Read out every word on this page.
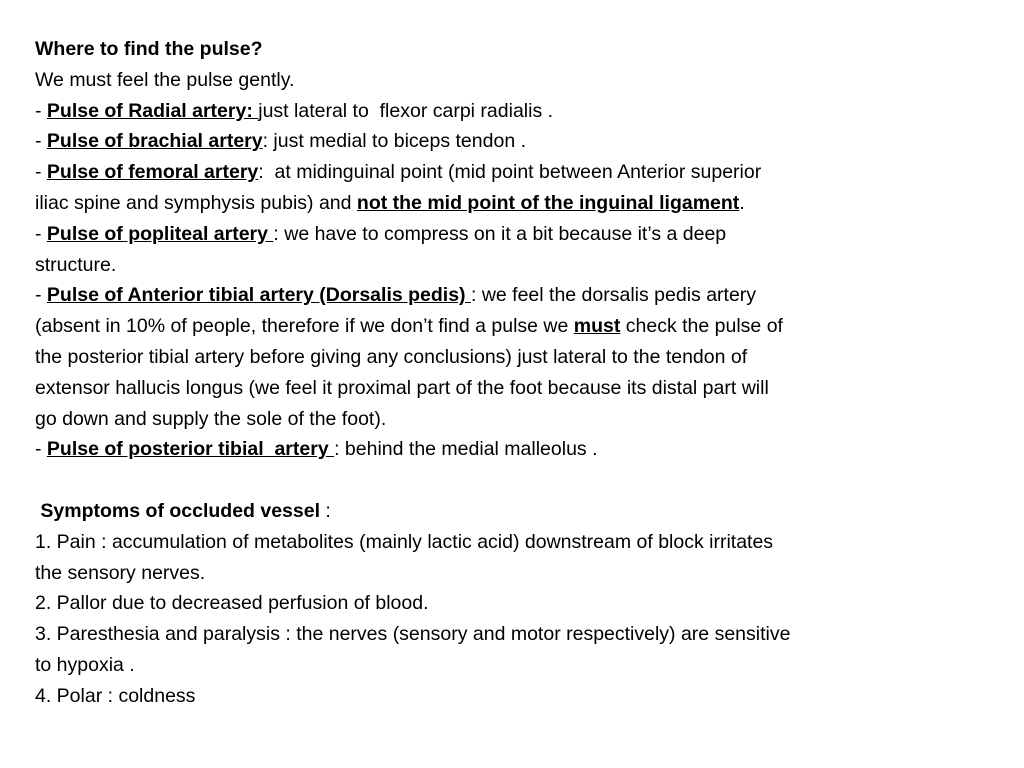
Where to find the pulse?
We must feel the pulse gently.
- Pulse of Radial artery: just lateral to  flexor carpi radialis .
- Pulse of brachial artery: just medial to biceps tendon .
- Pulse of femoral artery:  at midinguinal point (mid point between Anterior superior
iliac spine and symphysis pubis) and not the mid point of the inguinal ligament.
- Pulse of popliteal artery : we have to compress on it a bit because it’s a deep
structure.
- Pulse of Anterior tibial artery (Dorsalis pedis) : we feel the dorsalis pedis artery
(absent in 10% of people, therefore if we don’t find a pulse we must check the pulse of
the posterior tibial artery before giving any conclusions) just lateral to the tendon of
extensor hallucis longus (we feel it proximal part of the foot because its distal part will
go down and supply the sole of the foot).
- Pulse of posterior tibial  artery : behind the medial malleolus .
Symptoms of occluded vessel :
1. Pain : accumulation of metabolites (mainly lactic acid) downstream of block irritates
the sensory nerves.
2. Pallor due to decreased perfusion of blood.
3. Paresthesia and paralysis : the nerves (sensory and motor respectively) are sensitive
to hypoxia .
4. Polar : coldness
